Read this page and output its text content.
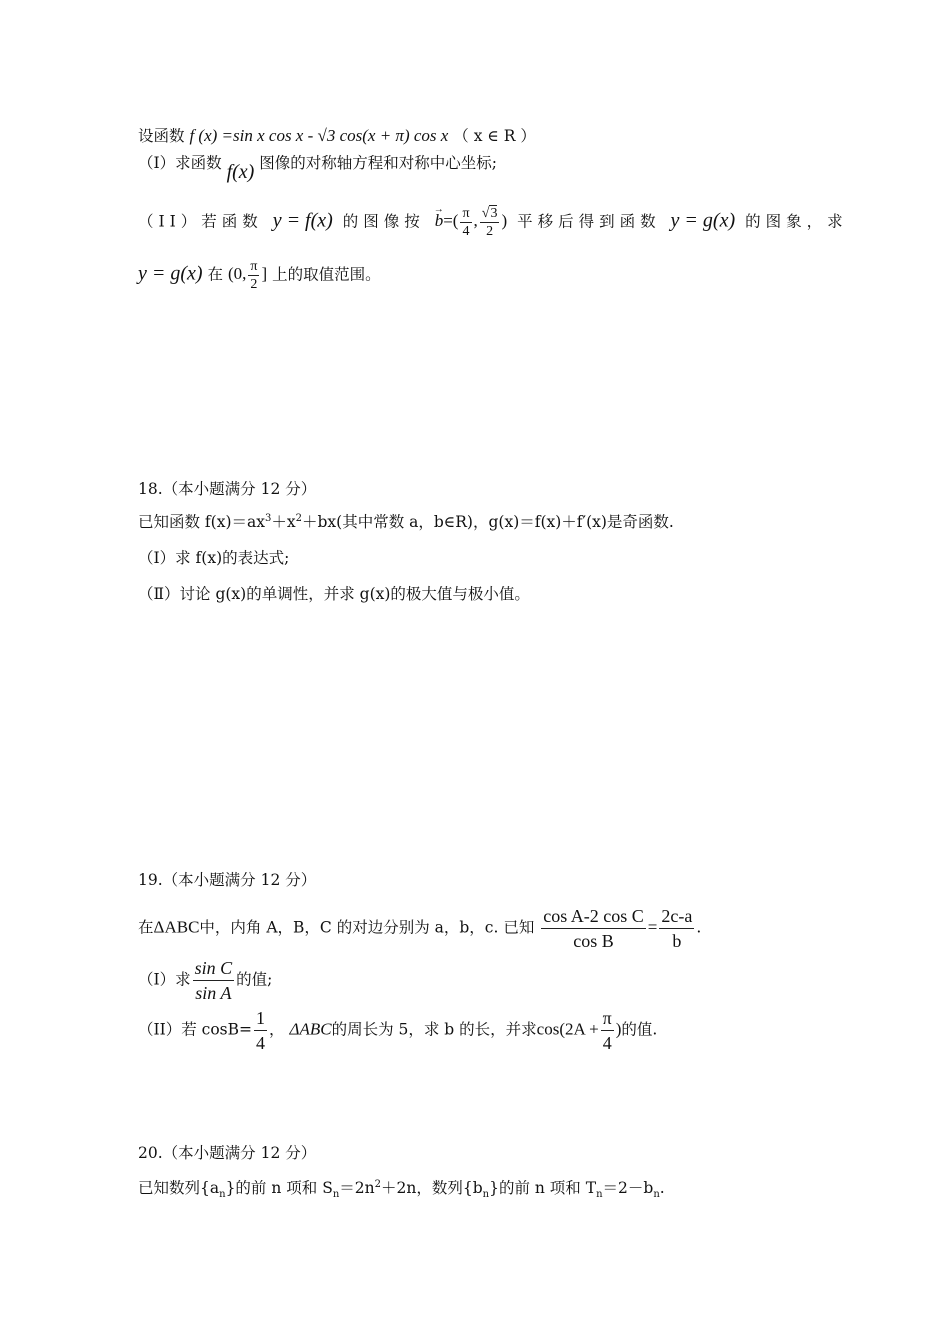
设函数 f (x) =sin x cos x - √3 cos(x + π) cos x （ x ∈ R ）
（I）求函数 f(x) 图像的对称轴方程和对称中心坐标;
（II）若函数 y = f(x) 的图像按 → $b=( \frac{\pi}{4}$ , $\frac{√3}{2}$ ) 平移后得到函数 y = g(x) 的图象，求
y = g(x) 在 (0, $\frac{\pi}{2}$ ] 上的取值范围。
18.（本小题满分 12 分）
已知函数 $f(x)=ax^3+x^2+bx$(其中常数 a，b∈R)，g(x)＝f(x)＋f′(x)是奇函数.
（Ⅰ）求 f(x)的表达式;
（Ⅱ）讨论 g(x)的单调性，并求 g(x)的极大值与极小值。
19.（本小题满分 12 分）
在ΔABC中，内角 A，B，C 的对边分别为 a，b，c. 已知 $\frac{\text{cos A-2 cos C}}{\text{cos B}} = \frac{2c-a}{b}$ .
（I）求 $\frac{\text{sin C}}{\text{sin A}}$ 的值;
（II）若 $\cos B= \frac{1}{4}$ ， ΔABC的周长为 5，求 b 的长，并求$\cos(2A + \frac{\pi}{4}$ )的值.
20.（本小题满分 12 分）
已知数列$\{a_n\}$的前 n 项和 $S_n=2n^2+2n$，数列$\{b_n\}$的前 n 项和 $T_n=2-b_n$.
